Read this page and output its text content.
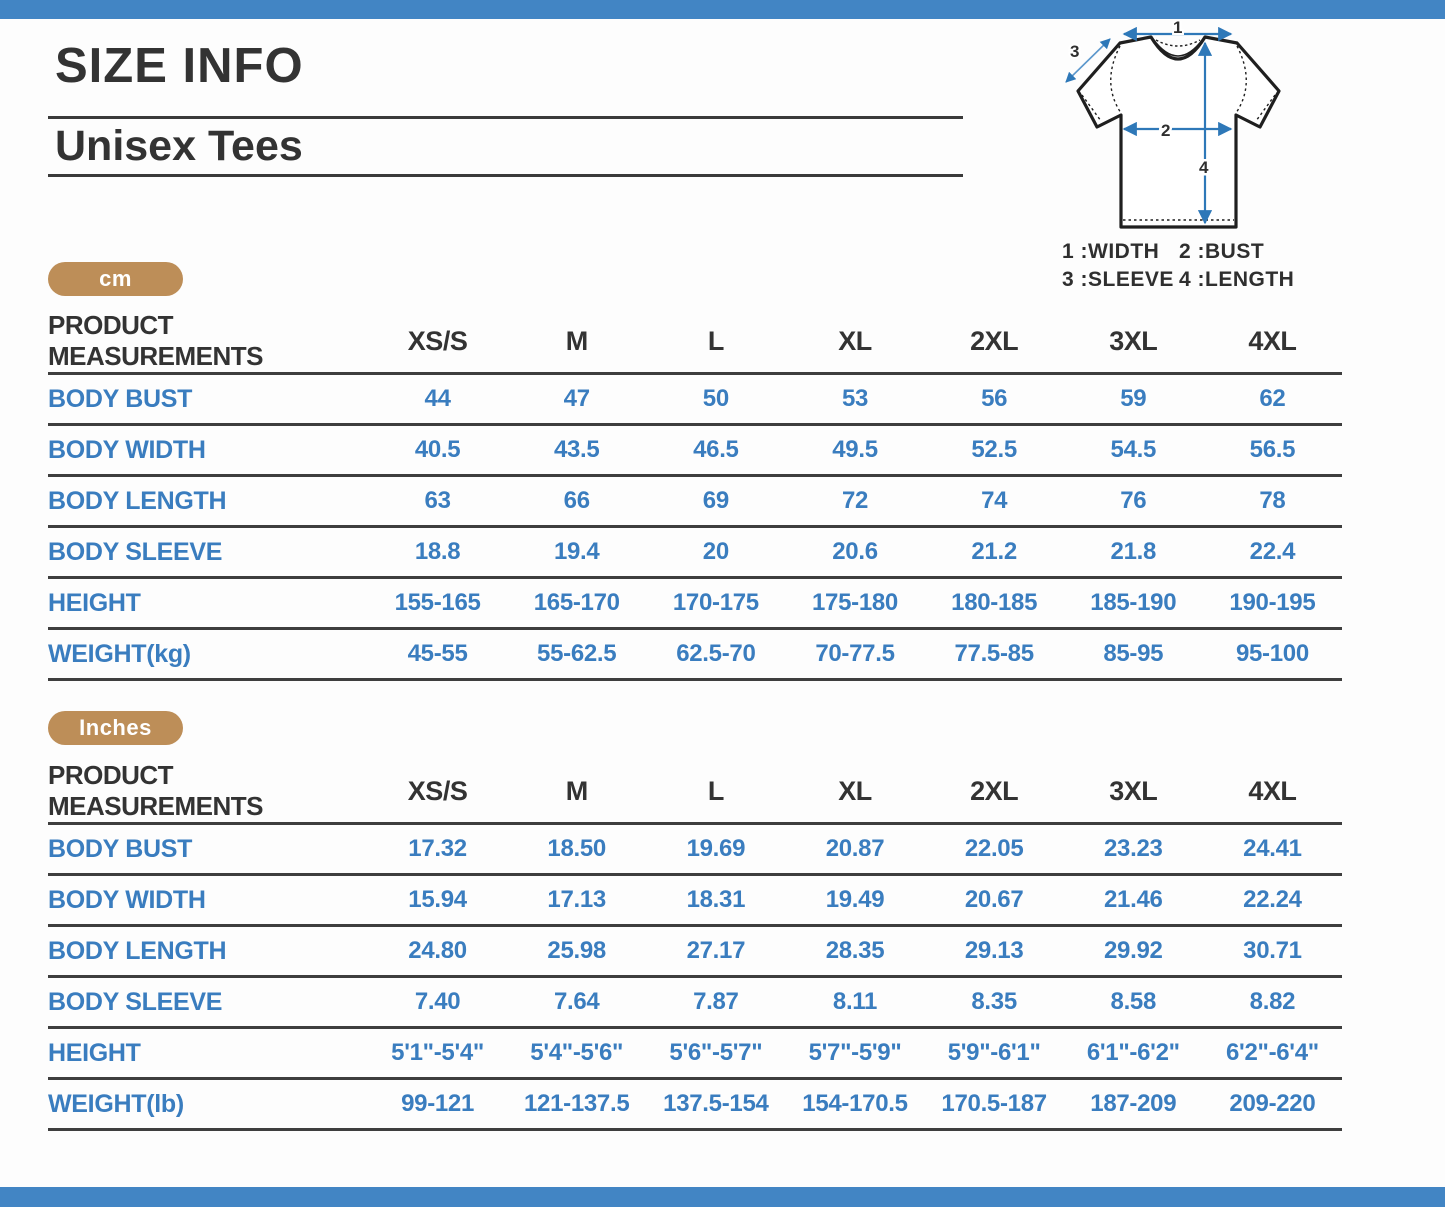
SIZE INFO
Unisex Tees
1
3
2
4
1 :WIDTH 2 :BUST
3 :SLEEVE 4 :LENGTH
cm
PRODUCT MEASUREMENTS	XS/S	M	L	XL	2XL	3XL	4XL
BODY BUST	44	47	50	53	56	59	62
BODY WIDTH	40.5	43.5	46.5	49.5	52.5	54.5	56.5
BODY LENGTH	63	66	69	72	74	76	78
BODY SLEEVE	18.8	19.4	20	20.6	21.2	21.8	22.4
HEIGHT	155-165	165-170	170-175	175-180	180-185	185-190	190-195
WEIGHT(kg)	45-55	55-62.5	62.5-70	70-77.5	77.5-85	85-95	95-100
Inches
PRODUCT MEASUREMENTS	XS/S	M	L	XL	2XL	3XL	4XL
BODY BUST	17.32	18.50	19.69	20.87	22.05	23.23	24.41
BODY WIDTH	15.94	17.13	18.31	19.49	20.67	21.46	22.24
BODY LENGTH	24.80	25.98	27.17	28.35	29.13	29.92	30.71
BODY SLEEVE	7.40	7.64	7.87	8.11	8.35	8.58	8.82
HEIGHT	5'1"-5'4"	5'4"-5'6"	5'6"-5'7"	5'7"-5'9"	5'9"-6'1"	6'1"-6'2"	6'2"-6'4"
WEIGHT(lb)	99-121	121-137.5	137.5-154	154-170.5	170.5-187	187-209	209-220
